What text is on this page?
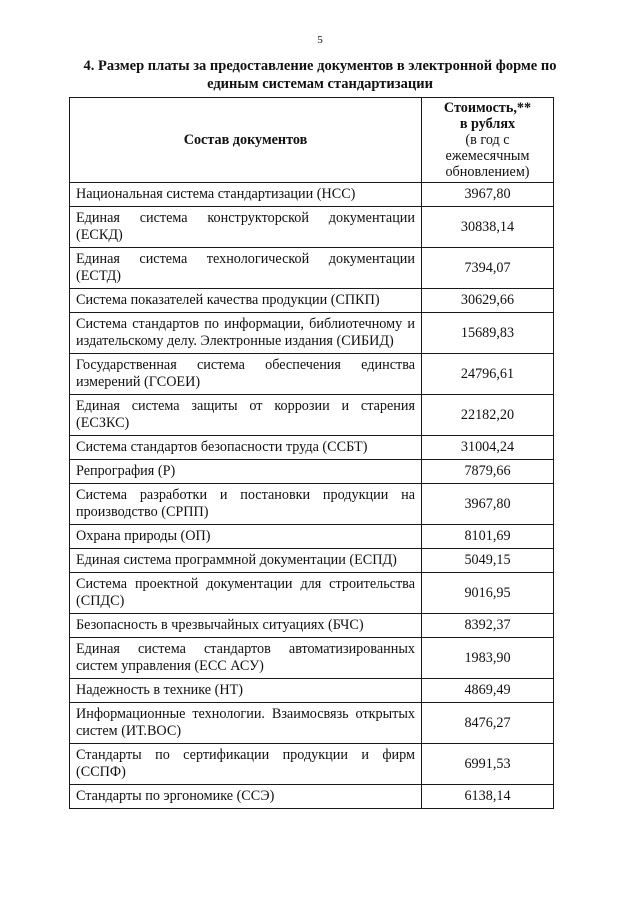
5
4. Размер платы за предоставление документов в электронной форме по
единым системам стандартизации
Состав документов	Стоимость,**
в рублях
(в год с ежемесячным
обновлением)

Национальная система стандартизации (НСС)	3967,80
Единая система конструкторской документации (ЕСКД)	30838,14
Единая система технологической документации (ЕСТД)	7394,07
Система показателей качества продукции (СПКП)	30629,66
Система стандартов по информации, библиотечному и издательскому делу. Электронные издания (СИБИД)	15689,83
Государственная система обеспечения единства измерений (ГСОЕИ)	24796,61
Единая система защиты от коррозии и старения (ЕСЗКС)	22182,20
Система стандартов безопасности труда (ССБТ)	31004,24
Репрография (Р)	7879,66
Система разработки и постановки продукции на производство (СРПП)	3967,80
Охрана природы (ОП)	8101,69
Единая система программной документации (ЕСПД)	5049,15
Система проектной документации для строительства (СПДС)	9016,95
Безопасность в чрезвычайных ситуациях (БЧС)	8392,37
Единая система стандартов автоматизированных систем управления (ЕСС АСУ)	1983,90
Надежность в технике (НТ)	4869,49
Информационные технологии. Взаимосвязь открытых систем (ИТ.ВОС)	8476,27
Стандарты по сертификации продукции и фирм (ССПФ)	6991,53
Стандарты по эргономике (ССЭ)	6138,14
